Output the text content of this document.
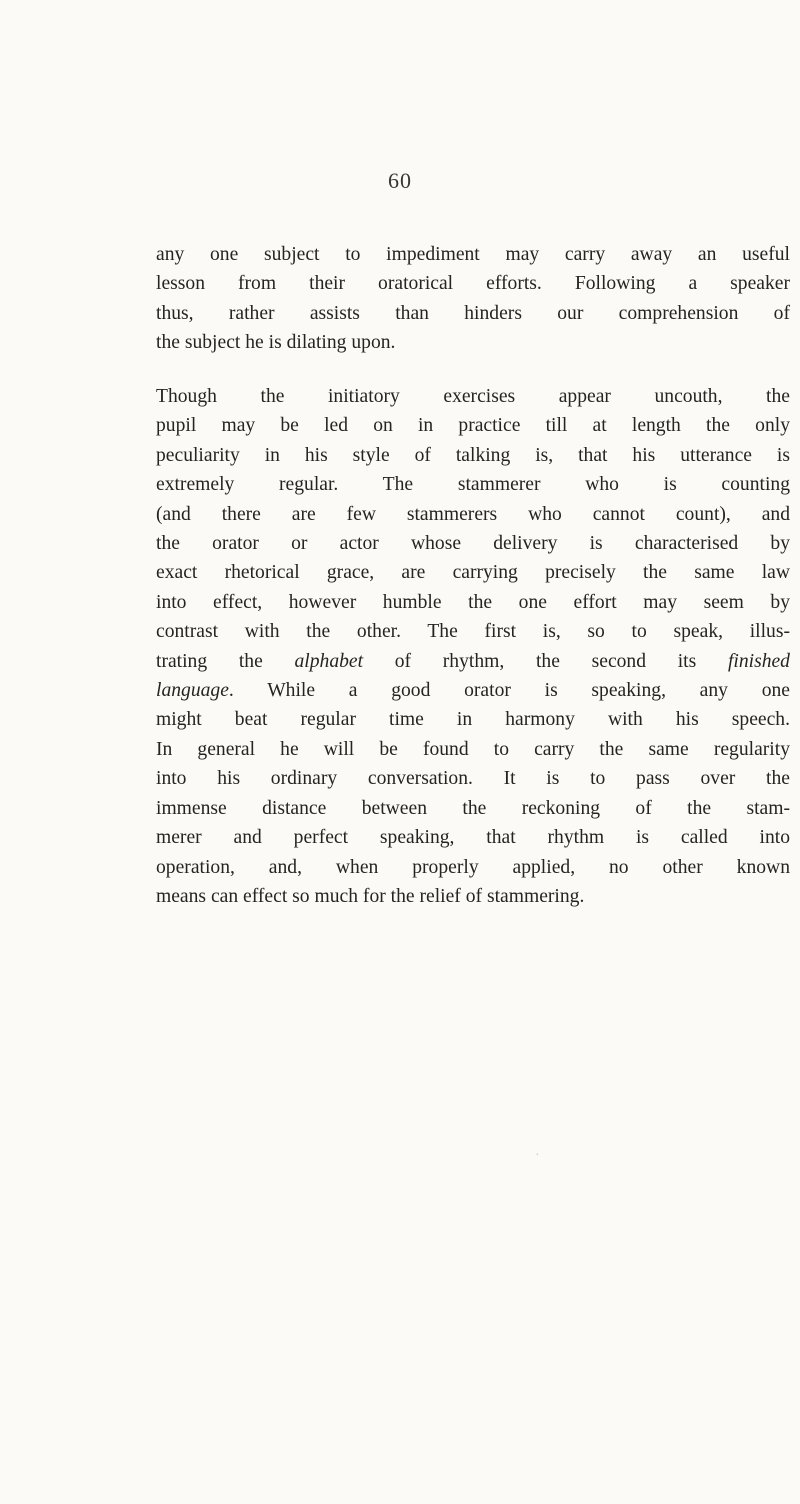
60
any one subject to impediment may carry away an useful
lesson from their oratorical efforts. Following a speaker
thus, rather assists than hinders our comprehension of
the subject he is dilating upon.
Though the initiatory exercises appear uncouth, the
pupil may be led on in practice till at length the only
peculiarity in his style of talking is, that his utterance is
extremely regular. The stammerer who is counting
(and there are few stammerers who cannot count), and
the orator or actor whose delivery is characterised by
exact rhetorical grace, are carrying precisely the same law
into effect, however humble the one effort may seem by
contrast with the other. The first is, so to speak, illus-
trating the alphabet of rhythm, the second its finished
language. While a good orator is speaking, any one
might beat regular time in harmony with his speech.
In general he will be found to carry the same regularity
into his ordinary conversation. It is to pass over the
immense distance between the reckoning of the stam-
merer and perfect speaking, that rhythm is called into
operation, and, when properly applied, no other known
means can effect so much for the relief of stammering.
·
